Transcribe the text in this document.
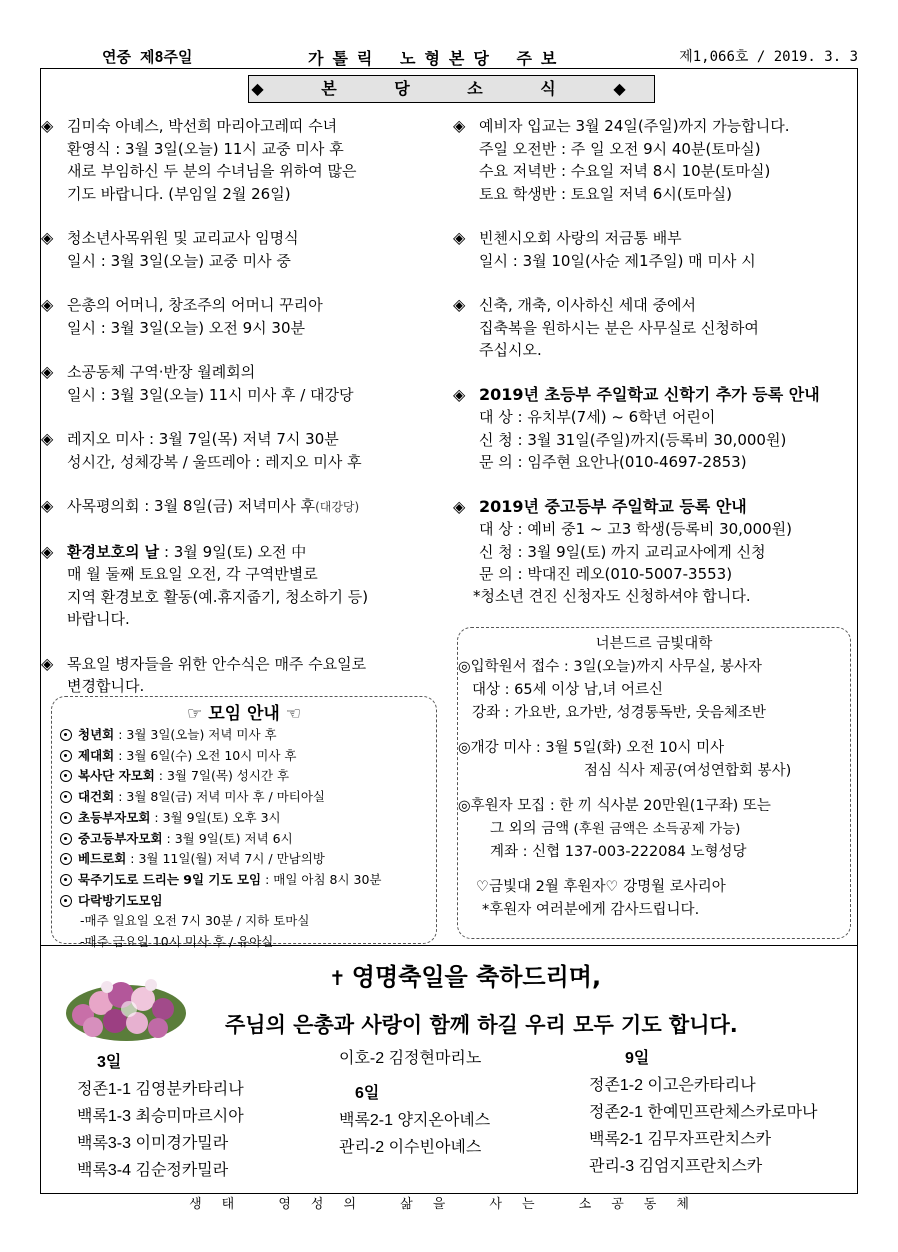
연중 제8주일	가톨릭 노형본당 주보	제1,066호 / 2019. 3. 3
◆ 본 당 소 식 ◆
◈ 김미숙 아녜스, 박선희 마리아고레띠 수녀

환영식 : 3월 3일(오늘) 11시 교중 미사 후

새로 부임하신 두 분의 수녀님을 위하여 많은

기도 바랍니다. (부임일 2월 26일)

◈ 청소년사목위원 및 교리교사 임명식

일시 : 3월 3일(오늘) 교중 미사 중

◈ 은총의 어머니, 창조주의 어머니 꾸리아

일시 : 3월 3일(오늘) 오전 9시 30분

◈ 소공동체 구역·반장 월례회의

일시 : 3월 3일(오늘) 11시 미사 후 / 대강당

◈ 레지오 미사 : 3월 7일(목) 저녁 7시 30분

성시간, 성체강복 / 울뜨레아 : 레지오 미사 후

◈ 사목평의회 : 3월 8일(금) 저녁미사 후(대강당)

◈ 환경보호의 날 : 3월 9일(토) 오전 中

매 월 둘째 토요일 오전, 각 구역반별로

지역 환경보호 활동(예.휴지줍기, 청소하기 등)

바랍니다.

◈ 목요일 병자들을 위한 안수식은 매주 수요일로

변경합니다.

☞ 모임 안내 ☜
청년회 : 3월 3일(오늘) 저녁 미사 후
제대회 : 3월 6일(수) 오전 10시 미사 후
복사단 자모회 : 3월 7일(목) 성시간 후
대건회 : 3월 8일(금) 저녁 미사 후 / 마티아실
초등부자모회 : 3월 9일(토) 오후 3시
중고등부자모회 : 3월 9일(토) 저녁 6시
베드로회 : 3월 11일(월) 저녁 7시 / 만남의방
묵주기도로 드리는 9일 기도 모임 : 매일 아침 8시 30분
다락방기도모임
-매주 일요일 오전 7시 30분 / 지하 토마실
-매주 금요일 10시 미사 후 / 유아실
◈ 예비자 입교는 3월 24일(주일)까지 가능합니다.

주일 오전반 : 주 일 오전 9시 40분(토마실)

수요 저녁반 : 수요일 저녁 8시 10분(토마실)

토요 학생반 : 토요일 저녁 6시(토마실)

◈ 빈첸시오회 사랑의 저금통 배부

일시 : 3월 10일(사순 제1주일) 매 미사 시

◈ 신축, 개축, 이사하신 세대 중에서

집축복을 원하시는 분은 사무실로 신청하여

주십시오.

◈ 2019년 초등부 주일학교 신학기 추가 등록 안내

대 상 : 유치부(7세) ~ 6학년 어린이

신 청 : 3월 31일(주일)까지(등록비 30,000원)

문 의 : 임주현 요안나(010-4697-2853)

◈ 2019년 중고등부 주일학교 등록 안내

대 상 : 예비 중1 ~ 고3 학생(등록비 30,000원)

신 청 : 3월 9일(토) 까지 교리교사에게 신청

문 의 : 박대진 레오(010-5007-3553)

*청소년 견진 신청자도 신청하셔야 합니다.
너븐드르 금빛대학

◎입학원서 접수 : 3일(오늘)까지 사무실, 봉사자

대상 : 65세 이상 남,녀 어르신

강좌 : 가요반, 요가반, 성경통독반, 웃음체조반

◎개강 미사 : 3월 5일(화) 오전 10시 미사

점심 식사 제공(여성연합회 봉사)

◎후원자 모집 : 한 끼 식사분 20만원(1구좌) 또는

그 외의 금액 (후원 금액은 소득공제 가능)

계좌 : 신협 137-003-222084 노형성당

♡금빛대 2월 후원자♡ 강명월 로사리아

*후원자 여러분에게 감사드립니다.

✝ 영명축일을 축하드리며,
주님의 은총과 사랑이 함께 하길 우리 모두 기도 합니다.

3일

정존1-1 김영분카타리나

백록1-3 최승미마르시아

백록3-3 이미경가밀라

백록3-4 김순정카밀라

이호-2 김정현마리노

6일

백록2-1 양지온아녜스

관리-2 이수빈아녜스

9일

정존1-2 이고은카타리나

정존2-1 한예민프란체스카로마나

백록2-1 김무자프란치스카

관리-3 김엄지프란치스카

생태 영성의 삶을 사는 소공동체
